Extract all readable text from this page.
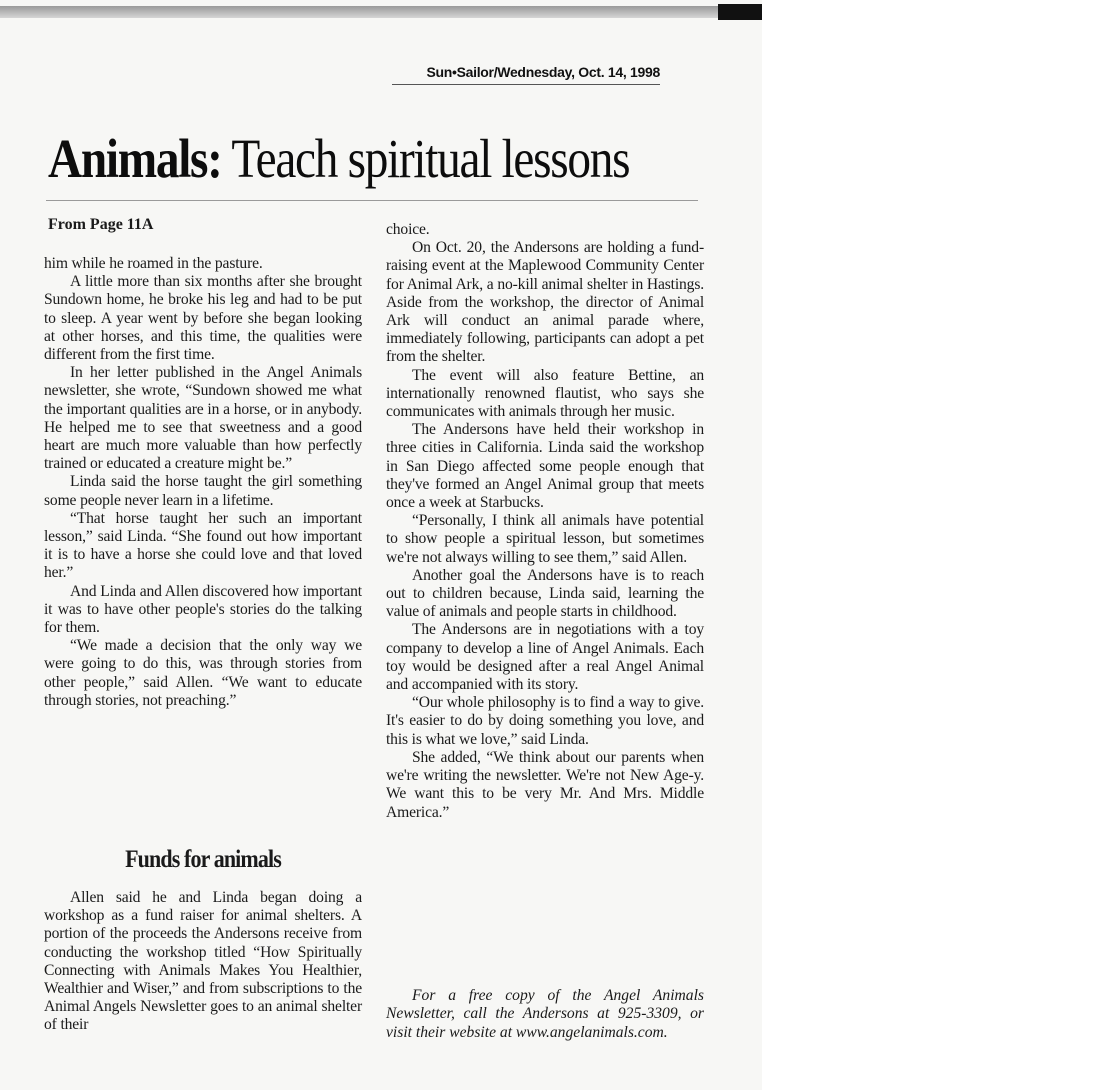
Sun•Sailor/Wednesday, Oct. 14, 1998
Animals: Teach spiritual lessons
From Page 11A

him while he roamed in the pasture.

A little more than six months after she brought Sundown home, he broke his leg and had to be put to sleep. A year went by before she began looking at other horses, and this time, the qualities were different from the first time.

In her letter published in the Angel Animals newsletter, she wrote, “Sundown showed me what the important qualities are in a horse, or in anybody. He helped me to see that sweetness and a good heart are much more valuable than how perfectly trained or educated a creature might be.”

Linda said the horse taught the girl something some people never learn in a lifetime.

“That horse taught her such an important lesson,” said Linda. “She found out how important it is to have a horse she could love and that loved her.”

And Linda and Allen discovered how important it was to have other people's stories do the talking for them.

“We made a decision that the only way we were going to do this, was through stories from other people,” said Allen. “We want to educate through stories, not preaching.”

Funds for animals

Allen said he and Linda began doing a workshop as a fund raiser for animal shelters. A portion of the proceeds the Andersons receive from conducting the workshop titled “How Spiritually Connecting with Animals Makes You Healthier, Wealthier and Wiser,” and from subscriptions to the Animal Angels Newsletter goes to an animal shelter of their

choice.

On Oct. 20, the Andersons are holding a fund-raising event at the Maplewood Community Center for Animal Ark, a no-kill animal shelter in Hastings. Aside from the workshop, the director of Animal Ark will conduct an animal parade where, immediately following, participants can adopt a pet from the shelter.

The event will also feature Bettine, an internationally renowned flautist, who says she communicates with animals through her music.

The Andersons have held their workshop in three cities in California. Linda said the workshop in San Diego affected some people enough that they've formed an Angel Animal group that meets once a week at Starbucks.

“Personally, I think all animals have potential to show people a spiritual lesson, but sometimes we're not always willing to see them,” said Allen.

Another goal the Andersons have is to reach out to children because, Linda said, learning the value of animals and people starts in childhood.

The Andersons are in negotiations with a toy company to develop a line of Angel Animals. Each toy would be designed after a real Angel Animal and accompanied with its story.

“Our whole philosophy is to find a way to give. It's easier to do by doing something you love, and this is what we love,” said Linda.

She added, “We think about our parents when we're writing the newsletter. We're not New Age-y. We want this to be very Mr. And Mrs. Middle America.”

For a free copy of the Angel Animals Newsletter, call the Andersons at 925-3309, or visit their website at www.angelanimals.com.
